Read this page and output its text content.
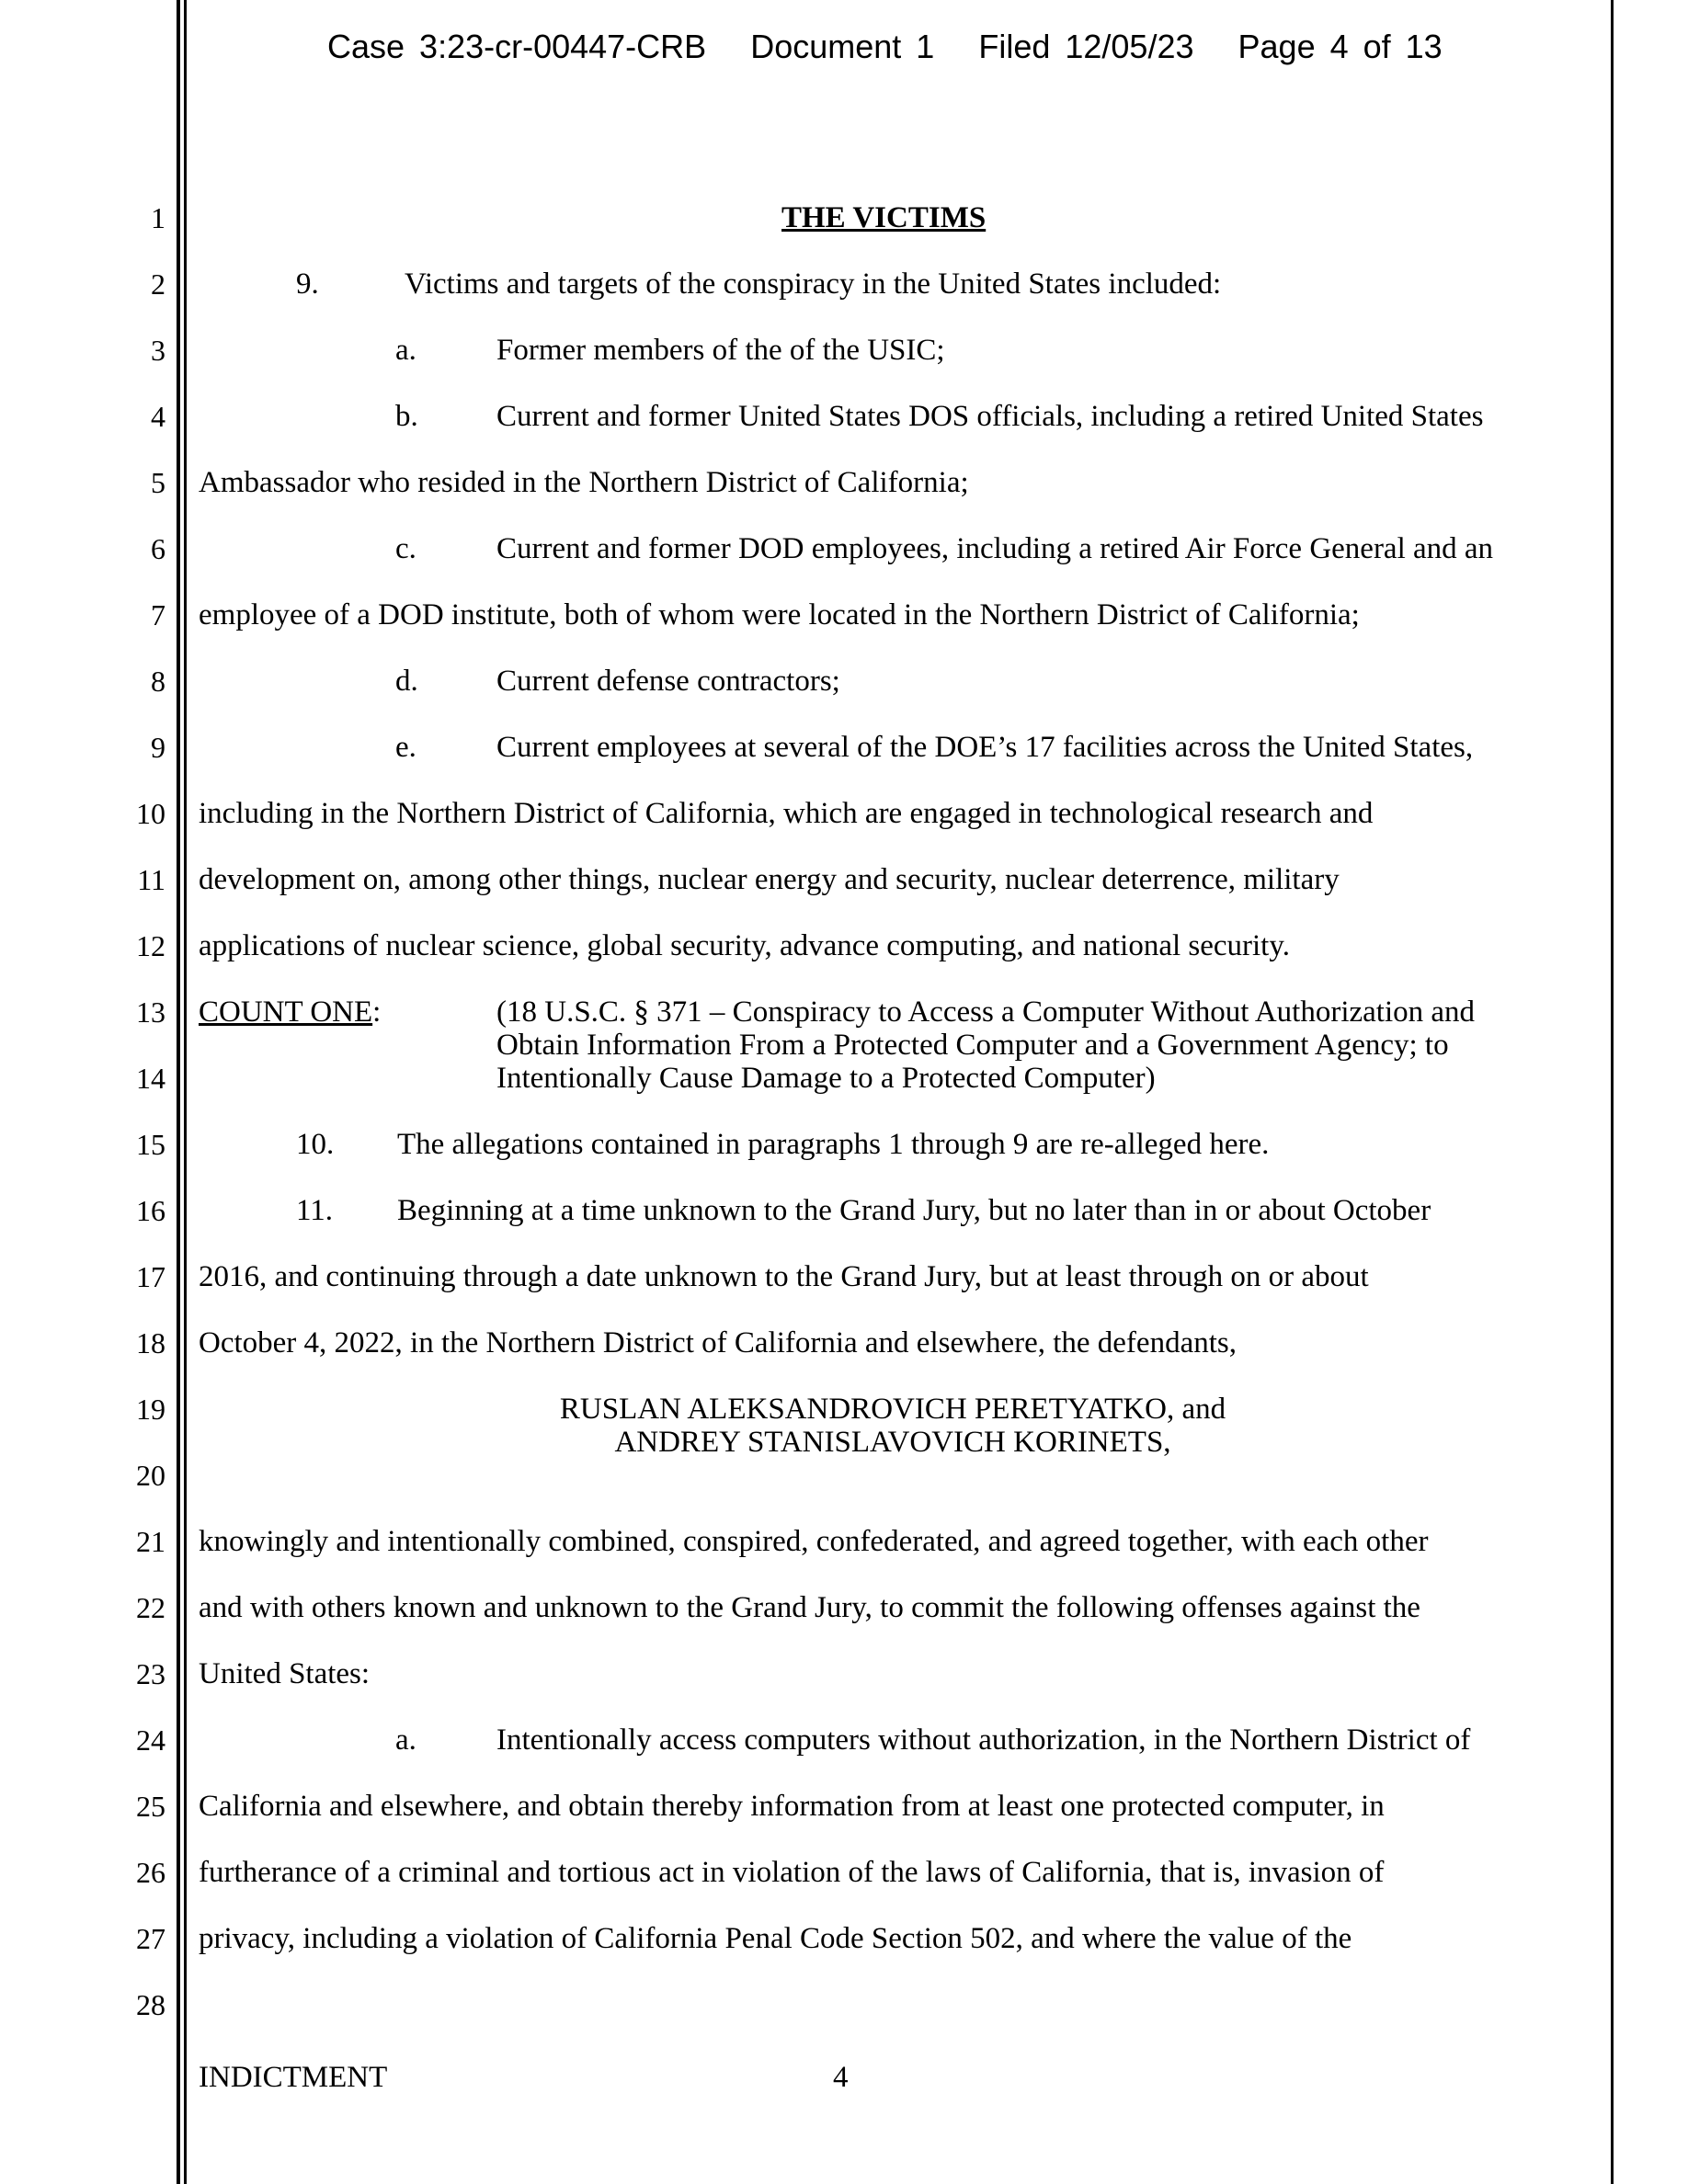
Case 3:23-cr-00447-CRB Document 1 Filed 12/05/23 Page 4 of 13
1
2
3
4
5
6
7
8
9
10
11
12
13
14
15
16
17
18
19
20
21
22
23
24
25
26
27
28
THE VICTIMS
9.	Victims and targets of the conspiracy in the United States included:
a.	Former members of the of the USIC;
b.	Current and former United States DOS officials, including a retired United States
Ambassador who resided in the Northern District of California;
c.	Current and former DOD employees, including a retired Air Force General and an
employee of a DOD institute, both of whom were located in the Northern District of California;
d.	Current defense contractors;
e.	Current employees at several of the DOE’s 17 facilities across the United States,
including in the Northern District of California, which are engaged in technological research and
development on, among other things, nuclear energy and security, nuclear deterrence, military
applications of nuclear science, global security, advance computing, and national security.
COUNT ONE:	(18 U.S.C. § 371 – Conspiracy to Access a Computer Without Authorization and
Obtain Information From a Protected Computer and a Government Agency; to
Intentionally Cause Damage to a Protected Computer)
10. The allegations contained in paragraphs 1 through 9 are re-alleged here.
11. Beginning at a time unknown to the Grand Jury, but no later than in or about October
2016, and continuing through a date unknown to the Grand Jury, but at least through on or about
October 4, 2022, in the Northern District of California and elsewhere, the defendants,
RUSLAN ALEKSANDROVICH PERETYATKO, and
ANDREY STANISLAVOVICH KORINETS,
knowingly and intentionally combined, conspired, confederated, and agreed together, with each other
and with others known and unknown to the Grand Jury, to commit the following offenses against the
United States:
a.	Intentionally access computers without authorization, in the Northern District of
California and elsewhere, and obtain thereby information from at least one protected computer, in
furtherance of a criminal and tortious act in violation of the laws of California, that is, invasion of
privacy, including a violation of California Penal Code Section 502, and where the value of the
INDICTMENT	4
